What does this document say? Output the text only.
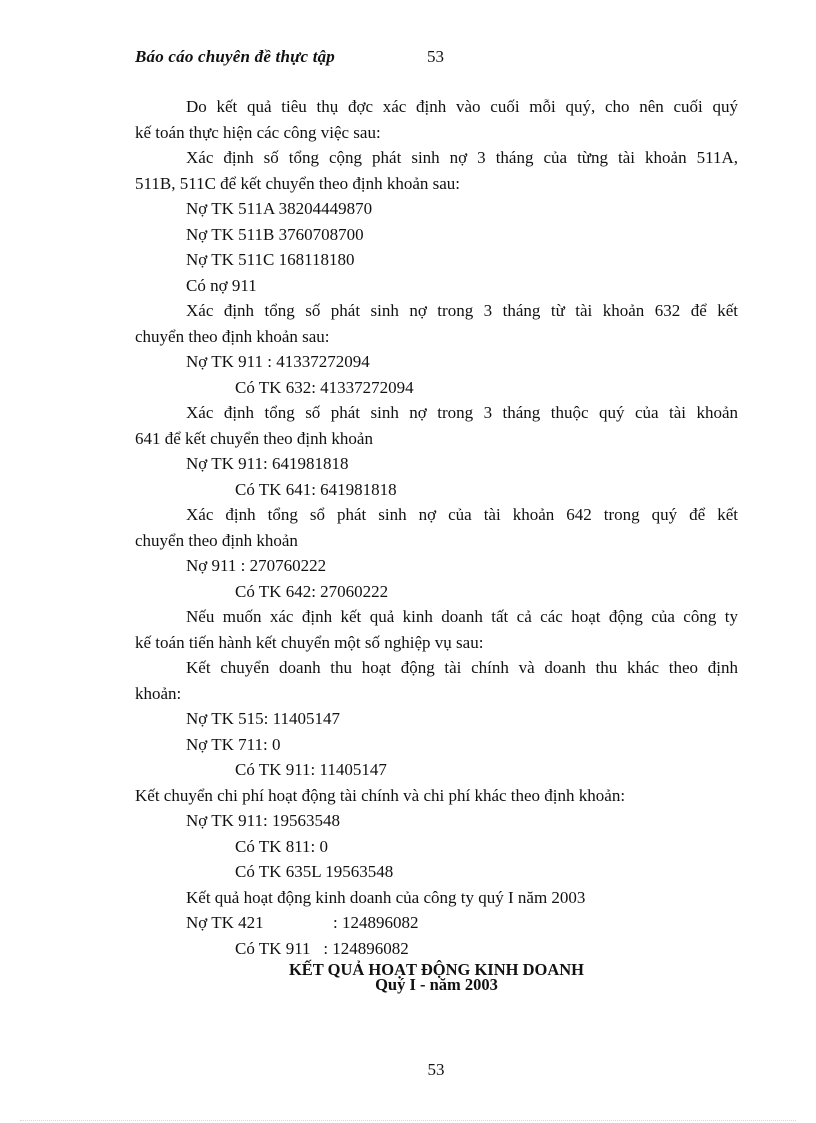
Báo cáo chuyên đề thực tập	53
Do kết quả tiêu thụ đợc xác định vào cuối mỗi quý, cho nên cuối quý
kế toán thực hiện các công việc sau:
Xác định số tổng cộng phát sinh nợ 3 tháng của từng tài khoản 511A,
511B, 511C để kết chuyển theo định khoản sau:
Nợ TK 511A 38204449870
Nợ TK 511B 3760708700
Nợ TK 511C 168118180
Có nợ 911
Xác định tổng số phát sinh nợ trong 3 tháng từ tài khoản 632 để kết
chuyển theo định khoản sau:
Nợ TK 911 : 41337272094
Có TK 632: 41337272094
Xác định tổng số phát sinh nợ trong 3 tháng thuộc quý của tài khoản
641 để kết chuyển theo định khoản
Nợ TK 911: 641981818
Có TK 641: 641981818
Xác định tổng sổ phát sinh nợ của tài khoản 642 trong quý để kết
chuyển theo định khoản
Nợ 911 : 270760222
Có TK 642: 27060222
Nếu muốn xác định kết quả kinh doanh tất cả các hoạt động của công ty
kế toán tiến hành kết chuyển một số nghiệp vụ sau:
Kết chuyển doanh thu hoạt động tài chính và doanh thu khác theo định
khoản:
Nợ TK 515: 11405147
Nợ TK 711: 0
Có TK 911: 11405147
Kết chuyển chi phí hoạt động tài chính và chi phí khác theo định khoản:
Nợ TK 911: 19563548
Có TK 811: 0
Có TK 635L 19563548
Kết quả hoạt động kinh doanh của công ty quý I năm 2003
Nợ TK 421	: 124896082
Có TK 911 : 124896082
KẾT QUẢ HOẠT ĐỘNG KINH DOANH
Quý I - năm 2003
53
